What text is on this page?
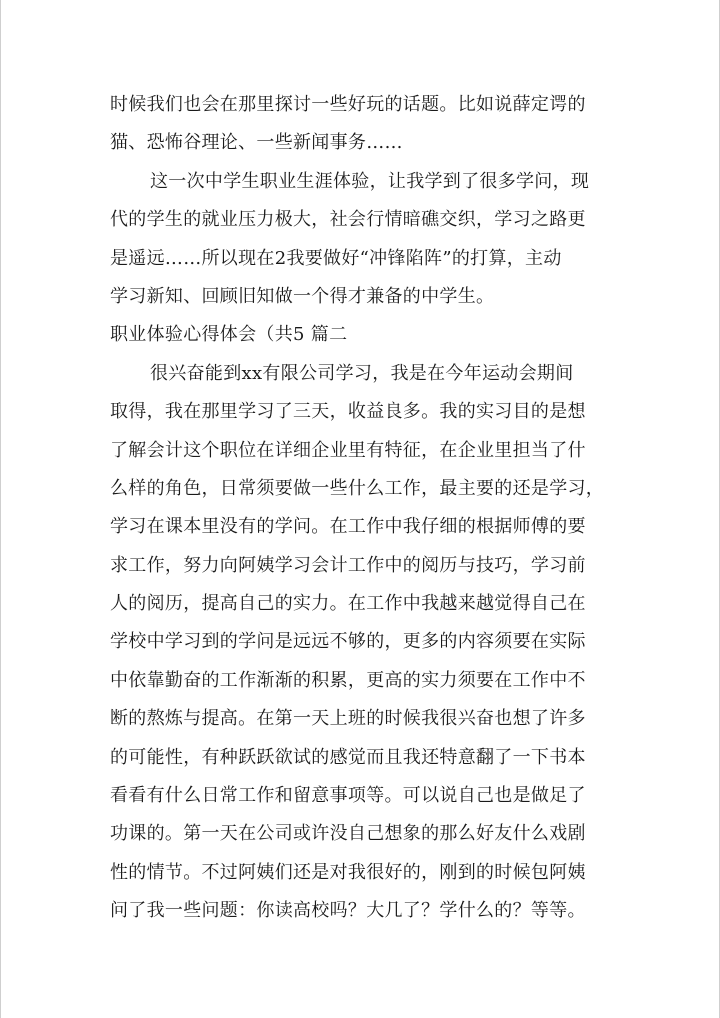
时候我们也会在那里探讨一些好玩的话题。比如说薛定谔的
猫、恐怖谷理论、一些新闻事务……
这一次中学生职业生涯体验，让我学到了很多学问，现
代的学生的就业压力极大，社会行情暗礁交织，学习之路更
是遥远……所以现在2我要做好“冲锋陷阵”的打算，主动
学习新知、回顾旧知做一个得才兼备的中学生。
职业体验心得体会（共5 篇二
很兴奋能到xx有限公司学习，我是在今年运动会期间
取得，我在那里学习了三天，收益良多。我的实习目的是想
了解会计这个职位在详细企业里有特征，在企业里担当了什
么样的角色，日常须要做一些什么工作，最主要的还是学习，
学习在课本里没有的学问。在工作中我仔细的根据师傅的要
求工作，努力向阿姨学习会计工作中的阅历与技巧，学习前
人的阅历，提高自己的实力。在工作中我越来越觉得自己在
学校中学习到的学问是远远不够的，更多的内容须要在实际
中依靠勤奋的工作渐渐的积累，更高的实力须要在工作中不
断的熬炼与提高。在第一天上班的时候我很兴奋也想了许多
的可能性，有种跃跃欲试的感觉而且我还特意翻了一下书本
看看有什么日常工作和留意事项等。可以说自己也是做足了
功课的。第一天在公司或许没自己想象的那么好友什么戏剧
性的情节。不过阿姨们还是对我很好的，刚到的时候包阿姨
问了我一些问题：你读高校吗？大几了？学什么的？等等。
